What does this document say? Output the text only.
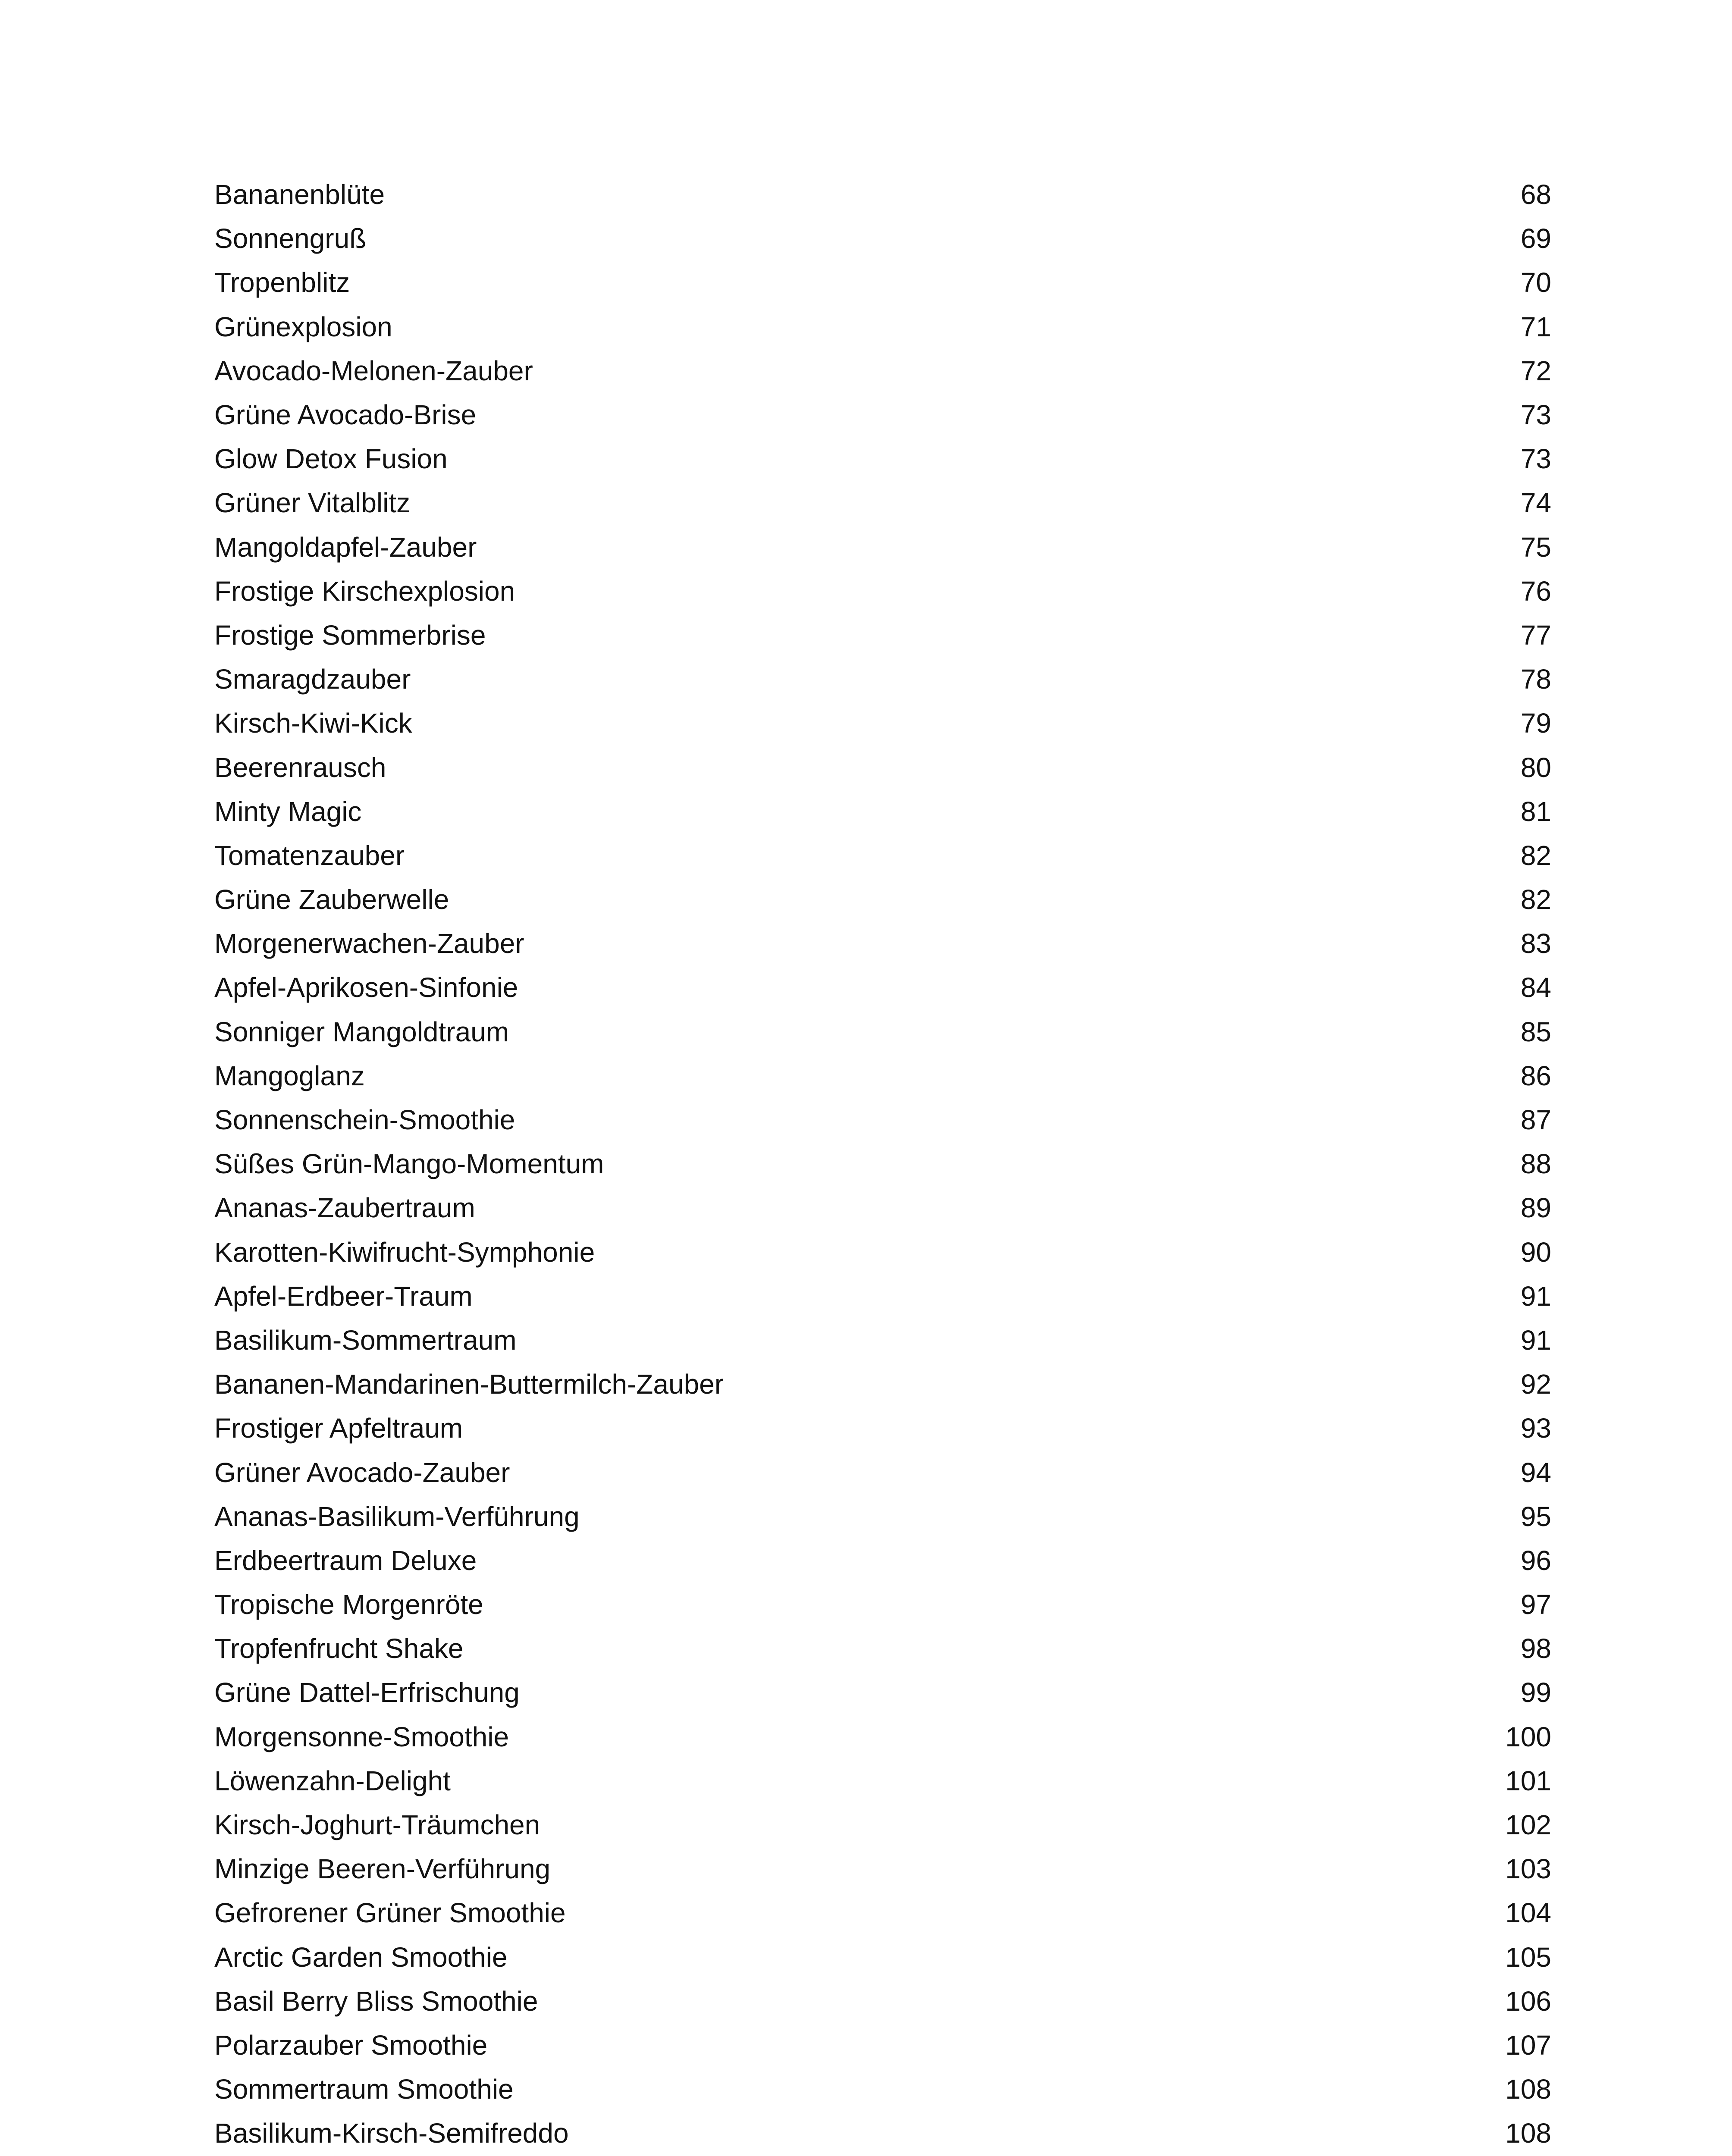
Bananenblüte	68
Sonnengruß	69
Tropenblitz	70
Grünexplosion	71
Avocado-Melonen-Zauber	72
Grüne Avocado-Brise	73
Glow Detox Fusion	73
Grüner Vitalblitz	74
Mangoldapfel-Zauber	75
Frostige Kirschexplosion	76
Frostige Sommerbrise	77
Smaragdzauber	78
Kirsch-Kiwi-Kick	79
Beerenrausch	80
Minty Magic	81
Tomatenzauber	82
Grüne Zauberwelle	82
Morgenerwachen-Zauber	83
Apfel-Aprikosen-Sinfonie	84
Sonniger Mangoldtraum	85
Mangoglanz	86
Sonnenschein-Smoothie	87
Süßes Grün-Mango-Momentum	88
Ananas-Zaubertraum	89
Karotten-Kiwifrucht-Symphonie	90
Apfel-Erdbeer-Traum	91
Basilikum-Sommertraum	91
Bananen-Mandarinen-Buttermilch-Zauber	92
Frostiger Apfeltraum	93
Grüner Avocado-Zauber	94
Ananas-Basilikum-Verführung	95
Erdbeertraum Deluxe	96
Tropische Morgenröte	97
Tropfenfrucht Shake	98
Grüne Dattel-Erfrischung	99
Morgensonne-Smoothie	100
Löwenzahn-Delight	101
Kirsch-Joghurt-Träumchen	102
Minzige Beeren-Verführung	103
Gefrorener Grüner Smoothie	104
Arctic Garden Smoothie	105
Basil Berry Bliss Smoothie	106
Polarzauber Smoothie	107
Sommertraum Smoothie	108
Basilikum-Kirsch-Semifreddo	108
